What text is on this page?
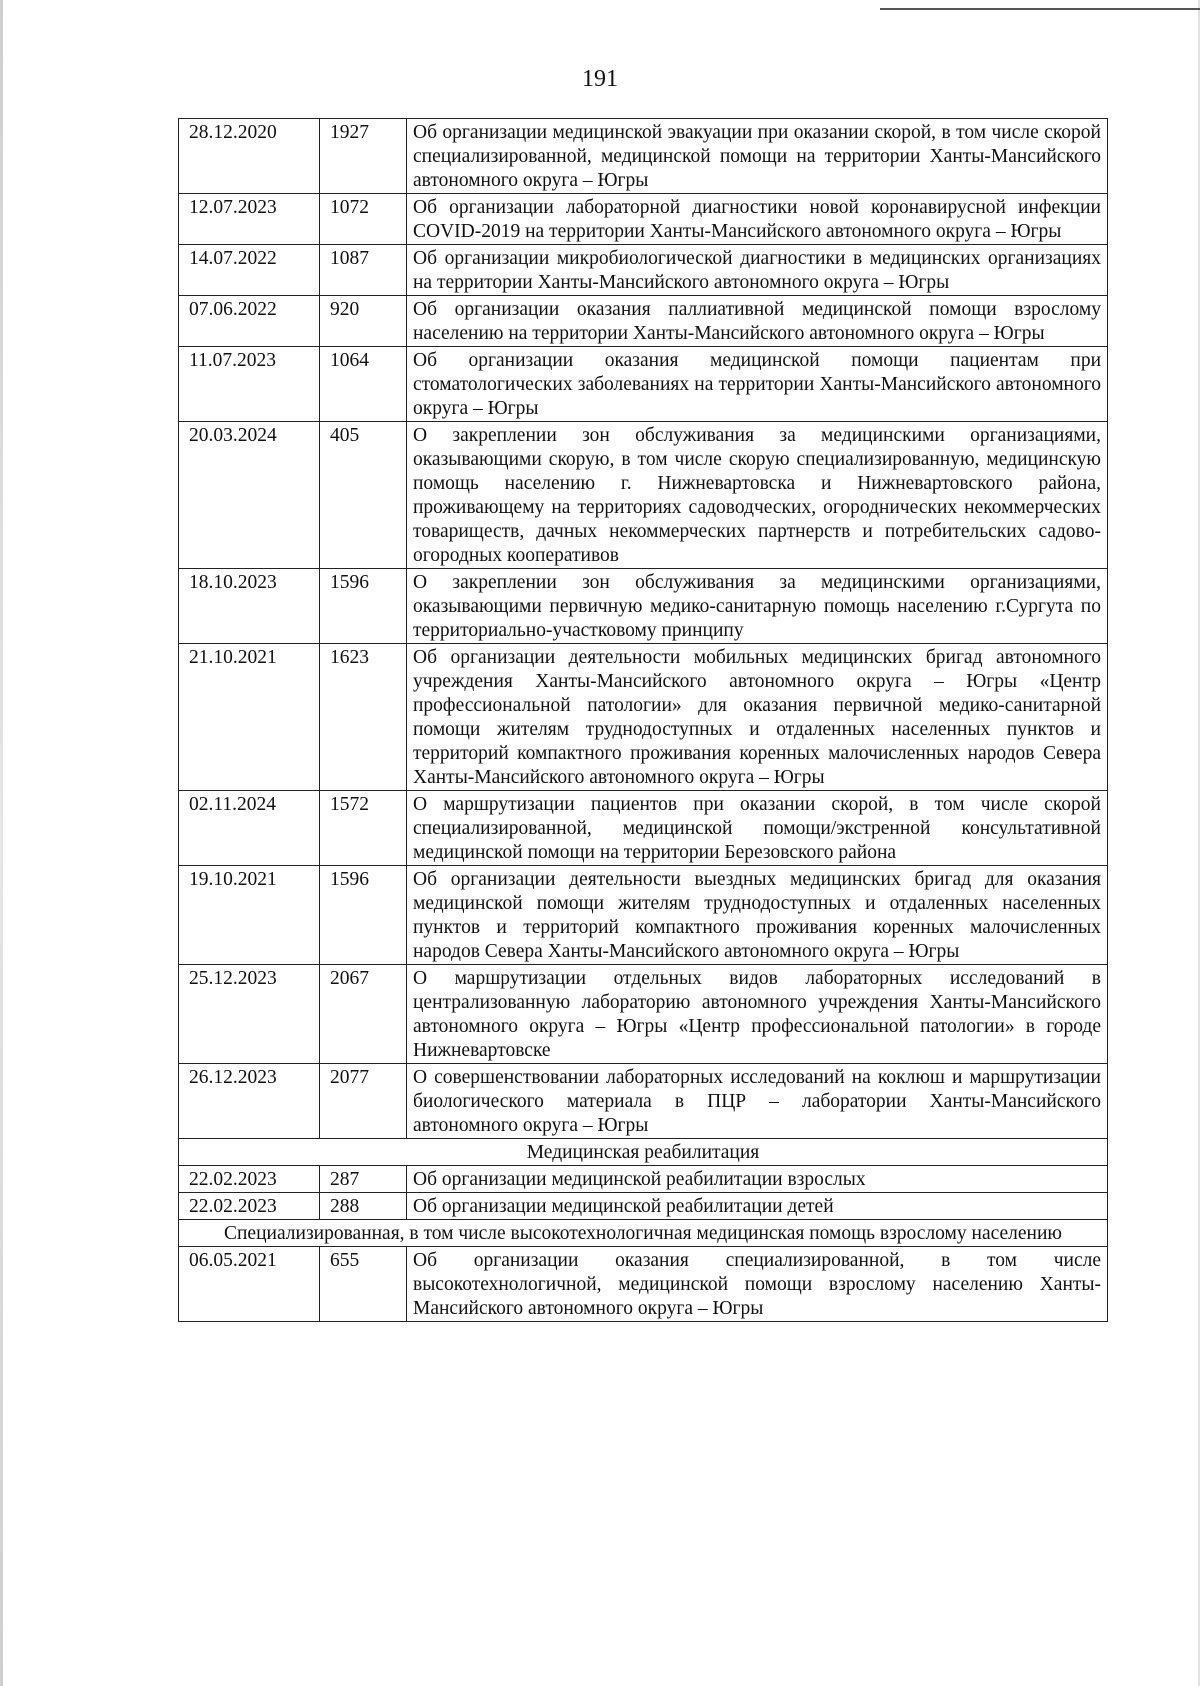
191
28.12.2020	1927	Об организации медицинской эвакуации при оказании скорой, в том числе скорой специализированной, медицинской помощи на территории Ханты-Мансийского автономного округа – Югры
12.07.2023	1072	Об организации лабораторной диагностики новой коронавирусной инфекции COVID-2019 на территории Ханты-Мансийского автономного округа – Югры
14.07.2022	1087	Об организации микробиологической диагностики в медицинских организациях на территории Ханты-Мансийского автономного округа – Югры
07.06.2022	920	Об организации оказания паллиативной медицинской помощи взрослому населению на территории Ханты-Мансийского автономного округа – Югры
11.07.2023	1064	Об организации оказания медицинской помощи пациентам при стоматологических заболеваниях на территории Ханты-Мансийского автономного округа – Югры
20.03.2024	405	О закреплении зон обслуживания за медицинскими организациями, оказывающими скорую, в том числе скорую специализированную, медицинскую помощь населению г. Нижневартовска и Нижневартовского района, проживающему на территориях садоводческих, огороднических некоммерческих товариществ, дачных некоммерческих партнерств и потребительских садово-огородных кооперативов
18.10.2023	1596	О закреплении зон обслуживания за медицинскими организациями, оказывающими первичную медико-санитарную помощь населению г.Сургута по территориально-участковому принципу
21.10.2021	1623	Об организации деятельности мобильных медицинских бригад автономного учреждения Ханты-Мансийского автономного округа – Югры «Центр профессиональной патологии» для оказания первичной медико-санитарной помощи жителям труднодоступных и отдаленных населенных пунктов и территорий компактного проживания коренных малочисленных народов Севера Ханты-Мансийского автономного округа – Югры
02.11.2024	1572	О маршрутизации пациентов при оказании скорой, в том числе скорой специализированной, медицинской помощи/экстренной консультативной медицинской помощи на территории Березовского района
19.10.2021	1596	Об организации деятельности выездных медицинских бригад для оказания медицинской помощи жителям труднодоступных и отдаленных населенных пунктов и территорий компактного проживания коренных малочисленных народов Севера Ханты-Мансийского автономного округа – Югры
25.12.2023	2067	О маршрутизации отдельных видов лабораторных исследований в централизованную лабораторию автономного учреждения Ханты-Мансийского автономного округа – Югры «Центр профессиональной патологии» в городе Нижневартовске
26.12.2023	2077	О совершенствовании лабораторных исследований на коклюш и маршрутизации биологического материала в ПЦР – лаборатории Ханты-Мансийского автономного округа – Югры
Медицинская реабилитация		
22.02.2023	287	Об организации медицинской реабилитации взрослых
22.02.2023	288	Об организации медицинской реабилитации детей
Специализированная, в том числе высокотехнологичная медицинская помощь взрослому населению		
06.05.2021	655	Об организации оказания специализированной, в том числе высокотехнологичной, медицинской помощи взрослому населению Ханты-Мансийского автономного округа – Югры
